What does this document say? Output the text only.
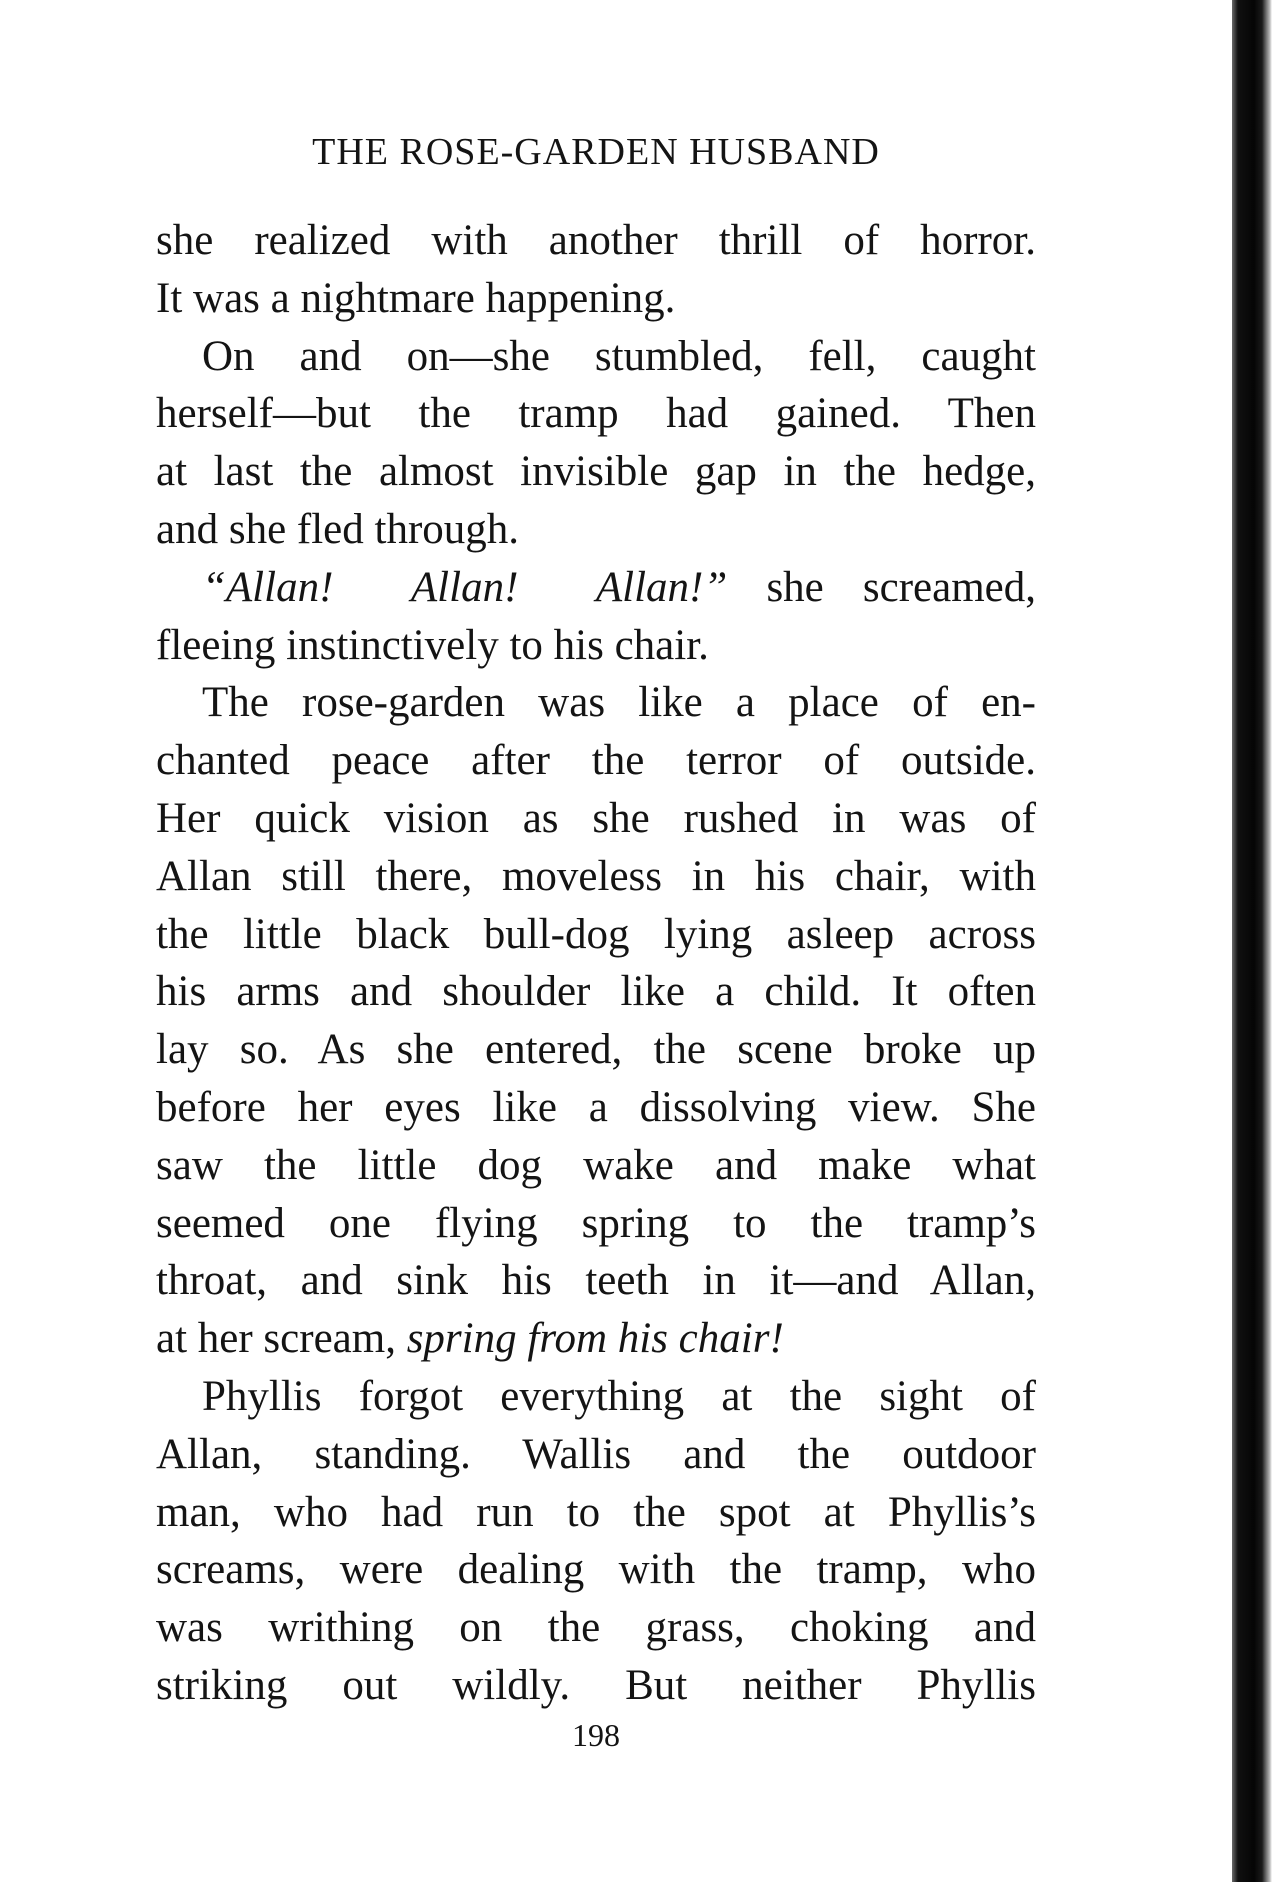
THE ROSE-GARDEN HUSBAND

she realized with another thrill of horror.
It was a nightmare happening.

On and on—she stumbled, fell, caught
herself—but the tramp had gained. Then
at last the almost invisible gap in the hedge,
and she fled through.

“Allan!  Allan!  Allan!” she screamed,
fleeing instinctively to his chair.

The rose-garden was like a place of en-
chanted peace after the terror of outside.
Her quick vision as she rushed in was of
Allan still there, moveless in his chair, with
the little black bull-dog lying asleep across
his arms and shoulder like a child. It often
lay so. As she entered, the scene broke up
before her eyes like a dissolving view. She
saw the little dog wake and make what
seemed one flying spring to the tramp’s
throat, and sink his teeth in it—and Allan,
at her scream, spring from his chair!

Phyllis forgot everything at the sight of
Allan, standing. Wallis and the outdoor
man, who had run to the spot at Phyllis’s
screams, were dealing with the tramp, who
was writhing on the grass, choking and
striking out wildly. But neither Phyllis

198
